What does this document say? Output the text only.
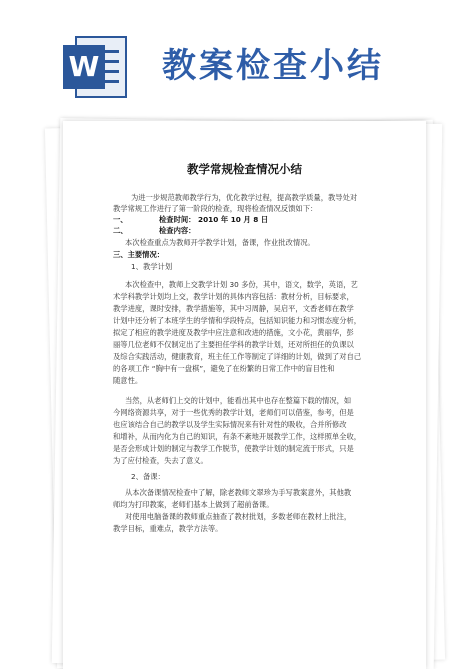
W 教案检查小结
教学常规检查情况小结
为进一步规范教师教学行为，优化教学过程，提高教学质量，教导处对
教学常规工作进行了第一阶段的检查，现将检查情况反馈如下：
一、	检查时间： 2010 年 10 月 8 日
二、	检查内容：
本次检查重点为教师开学教学计划，备课，作业批改情况。
三、主要情况：
1、教学计划
本次检查中，教师上交教学计划 30 多份，其中，语文，数学，英语，艺
术学科教学计划均上交，教学计划的具体内容包括：教材分析，目标要求，
教学进度，课时安排，教学措施等，其中习周静，吴启平，文香老师在教学
计划中还分析了本班学生的学情和学段特点，包括知识能力和习惯态度分析，
拟定了相应的教学进度及教学中应注意和改进的措施，文小花，黄丽华，彭
丽等几位老师不仅制定出了主要担任学科的教学计划，还对所担任的负课以
及综合实践活动，健康教育，班主任工作等制定了详细的计划，做到了对自己
的各项工作 “胸中有一盘棋”，避免了在纷繁的日常工作中的盲目性和
随意性。
当然，从老师们上交的计划中，能看出其中也存在整篇下载的情况，如
今网络资源共享，对于一些优秀的教学计划，老师们可以借鉴，参考，但是
也应该结合自己的教学以及学生实际情况来有针对性的吸收，合并所修改
和增补，从而内化为自己的知识，有条不紊地开展教学工作，这样照单全收，
是否会形成计划的制定与教学工作脱节，使教学计划的制定流于形式，只是
为了应付检查，失去了意义。
2、备课：
从本次备课情况检查中了解，除老教师文翠珍为手写教案意外，其他教
师均为打印教案，老师们基本上做到了超前备课。
对使用电脑备课的教师重点抽查了教材批划，多数老师在教材上批注，
教学目标，重难点，教学方法等。
